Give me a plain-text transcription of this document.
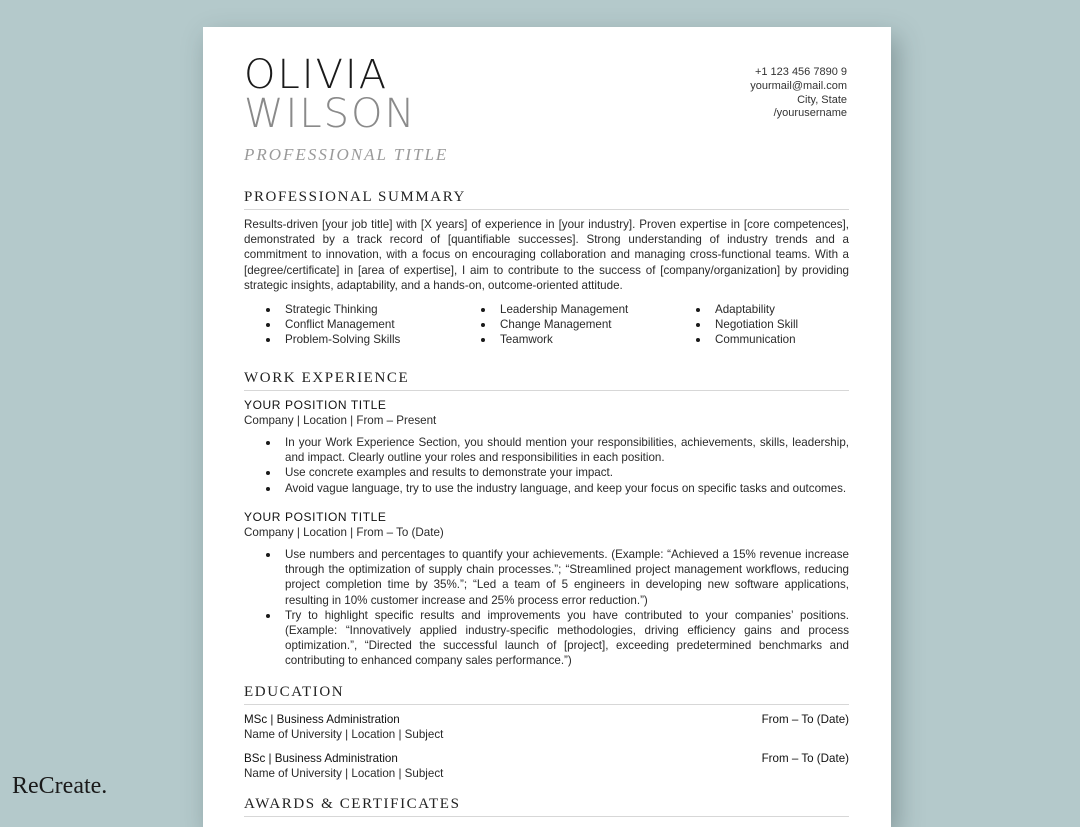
OLIVIA
WILSON
PROFESSIONAL TITLE
+1 123 456 7890 9
yourmail@mail.com
City, State
/yourusername
PROFESSIONAL SUMMARY
Results-driven [your job title] with [X years] of experience in [your industry]. Proven expertise in [core competences], demonstrated by a track record of [quantifiable successes]. Strong understanding of industry trends and a commitment to innovation, with a focus on encouraging collaboration and managing cross-functional teams. With a [degree/certificate] in [area of expertise], I aim to contribute to the success of [company/organization] by providing strategic insights, adaptability, and a hands-on, outcome-oriented attitude.
Strategic Thinking
Conflict Management
Problem-Solving Skills
Leadership Management
Change Management
Teamwork
Adaptability
Negotiation Skill
Communication
WORK EXPERIENCE
YOUR POSITION TITLE
Company | Location | From – Present
In your Work Experience Section, you should mention your responsibilities, achievements, skills, leadership, and impact. Clearly outline your roles and responsibilities in each position.
Use concrete examples and results to demonstrate your impact.
Avoid vague language, try to use the industry language, and keep your focus on specific tasks and outcomes.
YOUR POSITION TITLE
Company | Location | From – To (Date)
Use numbers and percentages to quantify your achievements. (Example: “Achieved a 15% revenue increase through the optimization of supply chain processes.”; “Streamlined project management workflows, reducing project completion time by 35%.”; “Led a team of 5 engineers in developing new software applications, resulting in 10% customer increase and 25% process error reduction.”)
Try to highlight specific results and improvements you have contributed to your companies’ positions. (Example: “Innovatively applied industry-specific methodologies, driving efficiency gains and process optimization.”, “Directed the successful launch of [project], exceeding predetermined benchmarks and contributing to enhanced company sales performance.”)
EDUCATION
MSc | Business Administration	From – To (Date)
Name of University | Location | Subject
BSc | Business Administration	From – To (Date)
Name of University | Location | Subject
AWARDS & CERTIFICATES
ReCreate.
